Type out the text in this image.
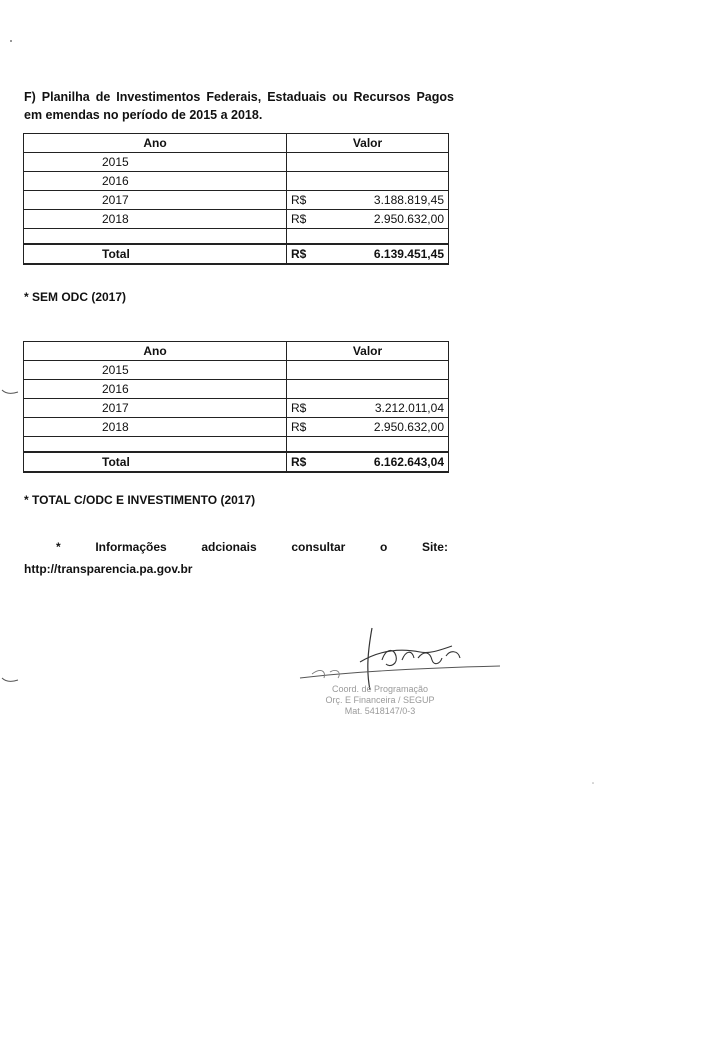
F) Planilha de Investimentos Federais, Estaduais ou Recursos Pagos em emendas no período de 2015 a 2018.
Ano	Valor
2015	

2016	

2017	R$ 3.188.819,45

2018	R$ 2.950.632,00

Total	R$ 6.139.451,45
* SEM ODC (2017)
Ano	Valor
2015	

2016	

2017	R$ 3.212.011,04

2018	R$ 2.950.632,00

Total	R$ 6.162.643,04
* TOTAL C/ODC E INVESTIMENTO (2017)
*	Informações	adcionais	consultar	o	Site:
http://transparencia.pa.gov.br
Coord. de Programação
Orç. E Financeira / SEGUP
Mat. 5418147/0-3
